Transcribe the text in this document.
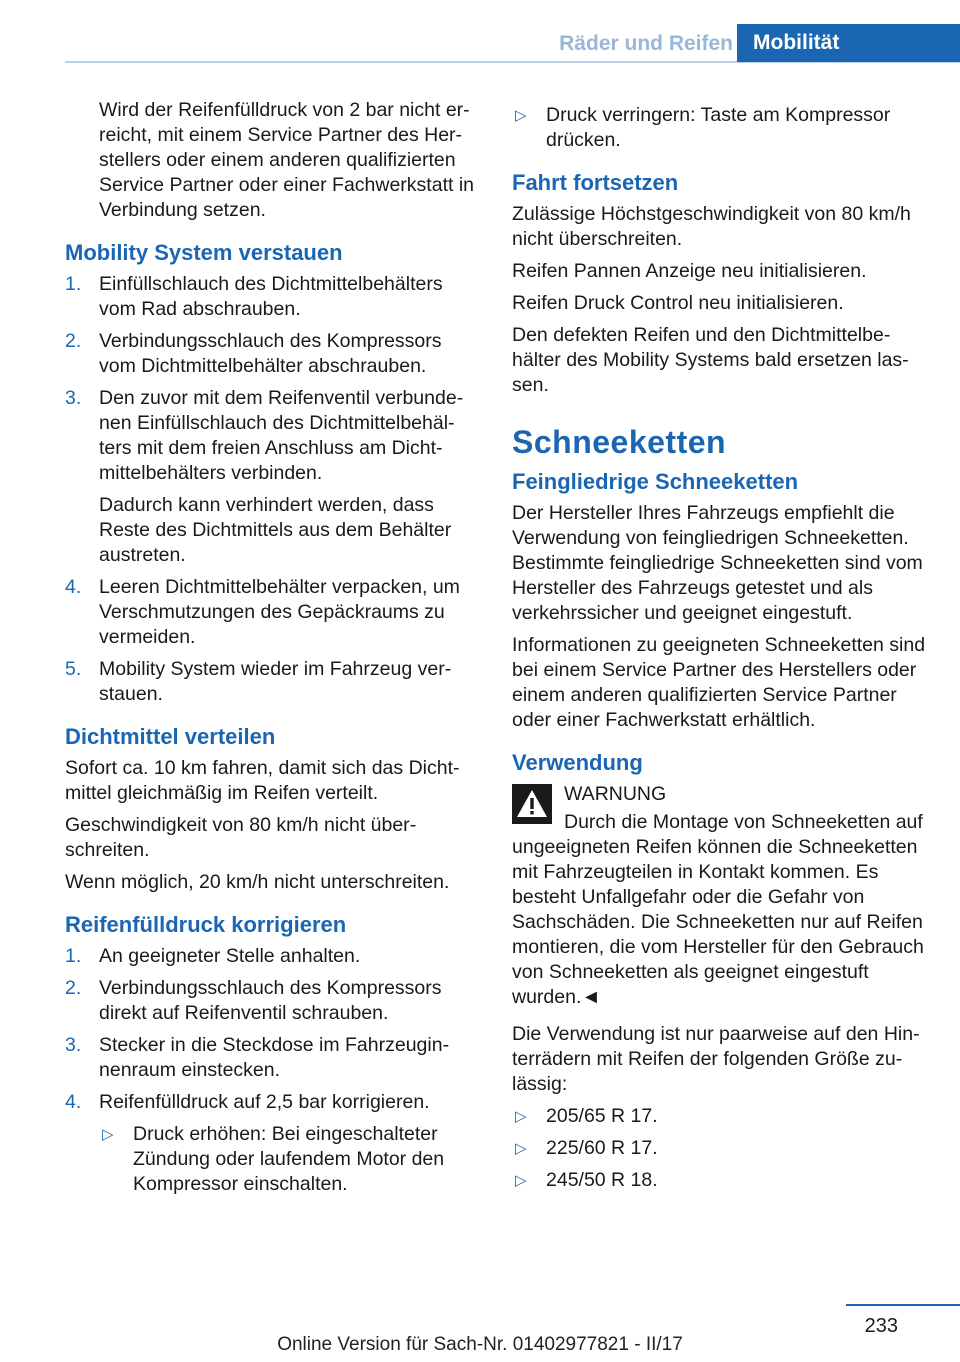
Räder und Reifen Mobilität

Wird der Reifenfülldruck von 2 bar nicht erreicht, mit einem Service Partner des Herstellers oder einem anderen qualifizierten Service Partner oder einer Fachwerkstatt in Verbindung setzen.

Mobility System verstauen
1. Einfüllschlauch des Dichtmittelbehälters vom Rad abschrauben.
2. Verbindungsschlauch des Kompressors vom Dichtmittelbehälter abschrauben.
3. Den zuvor mit dem Reifenventil verbundenen Einfüllschlauch des Dichtmittelbehälters mit dem freien Anschluss am Dichtmittelbehälters verbinden.
Dadurch kann verhindert werden, dass Reste des Dichtmittels aus dem Behälter austreten.
4. Leeren Dichtmittelbehälter verpacken, um Verschmutzungen des Gepäckraums zu vermeiden.
5. Mobility System wieder im Fahrzeug verstauen.
Dichtmittel verteilen

Sofort ca. 10 km fahren, damit sich das Dichtmittel gleichmäßig im Reifen verteilt.

Geschwindigkeit von 80 km/h nicht überschreiten.

Wenn möglich, 20 km/h nicht unterschreiten.

Reifenfülldruck korrigieren
1. An geeigneter Stelle anhalten.
2. Verbindungsschlauch des Kompressors direkt auf Reifenventil schrauben.
3. Stecker in die Steckdose im Fahrzeuginnenraum einstecken.
4. Reifenfülldruck auf 2,5 bar korrigieren.
▷ Druck erhöhen: Bei eingeschalteter Zündung oder laufendem Motor den Kompressor einschalten.
▷ Druck verringern: Taste am Kompressor drücken.
Fahrt fortsetzen

Zulässige Höchstgeschwindigkeit von 80 km/h nicht überschreiten.

Reifen Pannen Anzeige neu initialisieren.

Reifen Druck Control neu initialisieren.

Den defekten Reifen und den Dichtmittelbehälter des Mobility Systems bald ersetzen lassen.

Schneeketten
Feingliedrige Schneeketten

Der Hersteller Ihres Fahrzeugs empfiehlt die Verwendung von feingliedrigen Schneeketten. Bestimmte feingliedrige Schneeketten sind vom Hersteller des Fahrzeugs getestet und als verkehrssicher und geeignet eingestuft.

Informationen zu geeigneten Schneeketten sind bei einem Service Partner des Herstellers oder einem anderen qualifizierten Service Partner oder einer Fachwerkstatt erhältlich.

Verwendung
WARNUNG

Durch die Montage von Schneeketten auf ungeeigneten Reifen können die Schneeketten mit Fahrzeugteilen in Kontakt kommen. Es besteht Unfallgefahr oder die Gefahr von Sachschäden. Die Schneeketten nur auf Reifen montieren, die vom Hersteller für den Gebrauch von Schneeketten als geeignet eingestuft wurden.◄

Die Verwendung ist nur paarweise auf den Hinterrädern mit Reifen der folgenden Größe zulässig:

▷ 205/65 R 17.
▷ 225/60 R 17.
▷ 245/50 R 18.
233
Online Version für Sach-Nr. 01402977821 - II/17
